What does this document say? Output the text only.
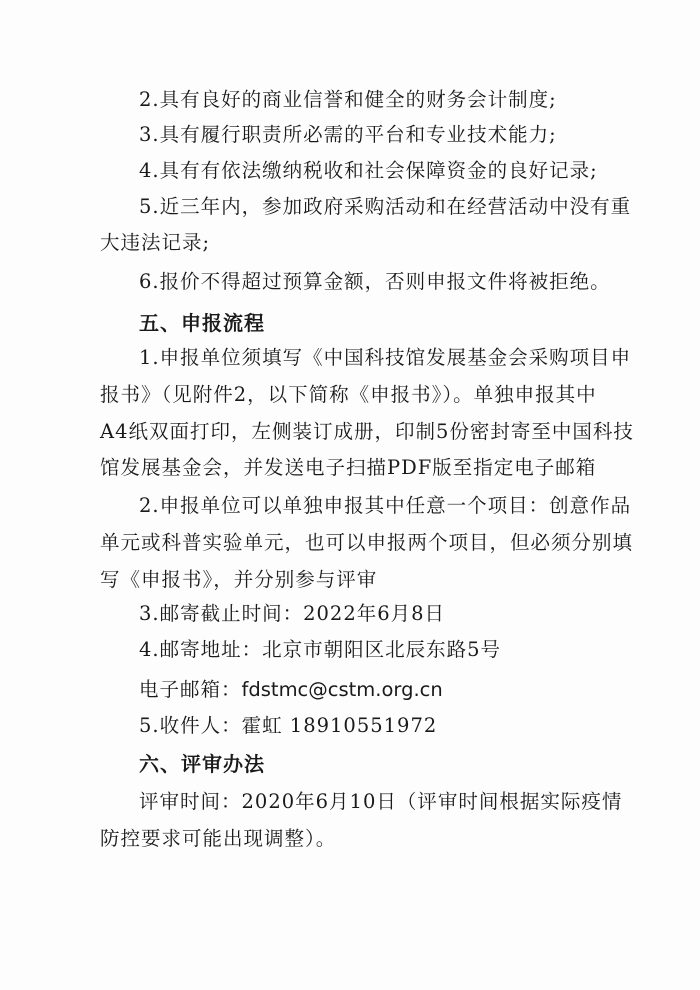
2.具有良好的商业信誉和健全的财务会计制度;
3.具有履行职责所必需的平台和专业技术能力;
4.具有有依法缴纳税收和社会保障资金的良好记录;
5.近三年内，参加政府采购活动和在经营活动中没有重
大违法记录;
6.报价不得超过预算金额，否则申报文件将被拒绝。
五、申报流程
1.申报单位须填写《中国科技馆发展基金会采购项目申
报书》（见附件2，以下简称《申报书》）。单独申报其中
A4纸双面打印，左侧装订成册，印制5份密封寄至中国科技
馆发展基金会，并发送电子扫描PDF版至指定电子邮箱
2.申报单位可以单独申报其中任意一个项目：创意作品
单元或科普实验单元，也可以申报两个项目，但必须分别填
写《申报书》，并分别参与评审
3.邮寄截止时间：2022年6月8日
4.邮寄地址：北京市朝阳区北辰东路5号
电子邮箱：fdstmc@cstm.org.cn
5.收件人：霍虹 18910551972
六、评审办法
评审时间：2020年6月10日（评审时间根据实际疫情
防控要求可能出现调整）。
